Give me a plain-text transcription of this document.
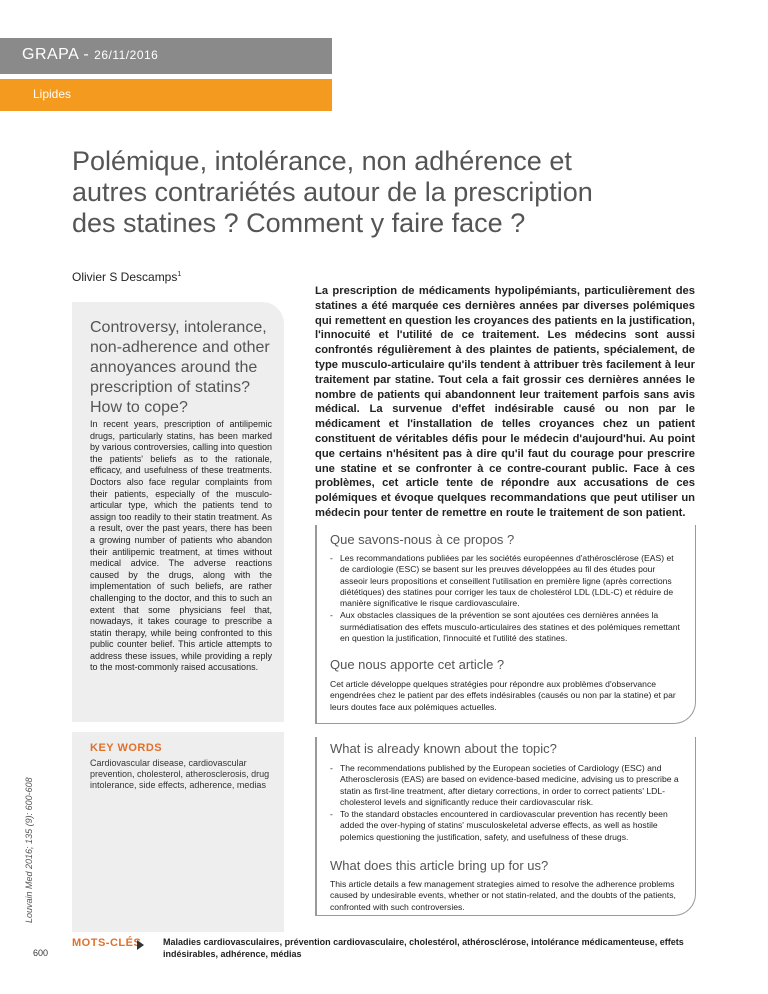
GRAPA - 26/11/2016
Lipides
Polémique, intolérance, non adhérence et autres contrariétés autour de la prescription des statines ? Comment y faire face ?
Olivier S Descamps$^1$
Controversy, intolerance, non-adherence and other annoyances around the prescription of statins? How to cope?

In recent years, prescription of antilipemic drugs, particularly statins, has been marked by various controversies, calling into question the patients' beliefs as to the rationale, efficacy, and usefulness of these treatments. Doctors also face regular complaints from their patients, especially of the musculo-articular type, which the patients tend to assign too readily to their statin treatment. As a result, over the past years, there has been a growing number of patients who abandon their antilipemic treatment, at times without medical advice. The adverse reactions caused by the drugs, along with the implementation of such beliefs, are rather challenging to the doctor, and this to such an extent that some physicians feel that, nowadays, it takes courage to prescribe a statin therapy, while being confronted to this public counter belief. This article attempts to address these issues, while providing a reply to the most-commonly raised accusations.

KEY WORDS
Cardiovascular disease, cardiovascular prevention, cholesterol, atherosclerosis, drug intolerance, side effects, adherence, medias
Louvain Med 2016; 135 (9): 600-608

La prescription de médicaments hypolipémiants, particulièrement des statines a été marquée ces dernières années par diverses polémiques qui remettent en question les croyances des patients en la justification, l'innocuité et l'utilité de ce traitement. Les médecins sont aussi confrontés régulièrement à des plaintes de patients, spécialement, de type musculo-articulaire qu'ils tendent à attribuer très facilement à leur traitement par statine. Tout cela a fait grossir ces dernières années le nombre de patients qui abandonnent leur traitement parfois sans avis médical. La survenue d'effet indésirable causé ou non par le médicament et l'installation de telles croyances chez un patient constituent de véritables défis pour le médecin d'aujourd'hui. Au point que certains n'hésitent pas à dire qu'il faut du courage pour prescrire une statine et se confronter à ce contre-courant public. Face à ces problèmes, cet article tente de répondre aux accusations de ces polémiques et évoque quelques recommandations que peut utiliser un médecin pour tenter de remettre en route le traitement de son patient.

Que savons-nous à ce propos ?
- Les recommandations publiées par les sociétés européennes d'athérosclérose (EAS) et de cardiologie (ESC) se basent sur les preuves développées au fil des études pour asseoir leurs propositions et conseillent l'utilisation en première ligne (après corrections diététiques) des statines pour corriger les taux de cholestérol LDL (LDL-C) et réduire de manière significative le risque cardiovasculaire.
- Aux obstacles classiques de la prévention se sont ajoutées ces dernières années la surmédiatisation des effets musculo-articulaires des statines et des polémiques remettant en question la justification, l'innocuité et l'utilité des statines.
Que nous apporte cet article ?

Cet article développe quelques stratégies pour répondre aux problèmes d'observance engendrées chez le patient par des effets indésirables (causés ou non par la statine) et par leurs doutes face aux polémiques actuelles.

What is already known about the topic?
- The recommendations published by the European societies of Cardiology (ESC) and Atherosclerosis (EAS) are based on evidence-based medicine, advising us to prescribe a statin as first-line treatment, after dietary corrections, in order to correct patients' LDL-cholesterol levels and significantly reduce their cardiovascular risk.
- To the standard obstacles encountered in cardiovascular prevention has recently been added the over-hyping of statins' musculoskeletal adverse effects, as well as hostile polemics questioning the justification, safety, and usefulness of these drugs.
What does this article bring up for us?

This article details a few management strategies aimed to resolve the adherence problems caused by undesirable events, whether or not statin-related, and the doubts of the patients, confronted with such controversies.

MOTS-CLÉS Maladies cardiovasculaires, prévention cardiovasculaire, cholestérol, athérosclérose, intolérance médicamenteuse, effets indésirables, adhérence, médias
600
